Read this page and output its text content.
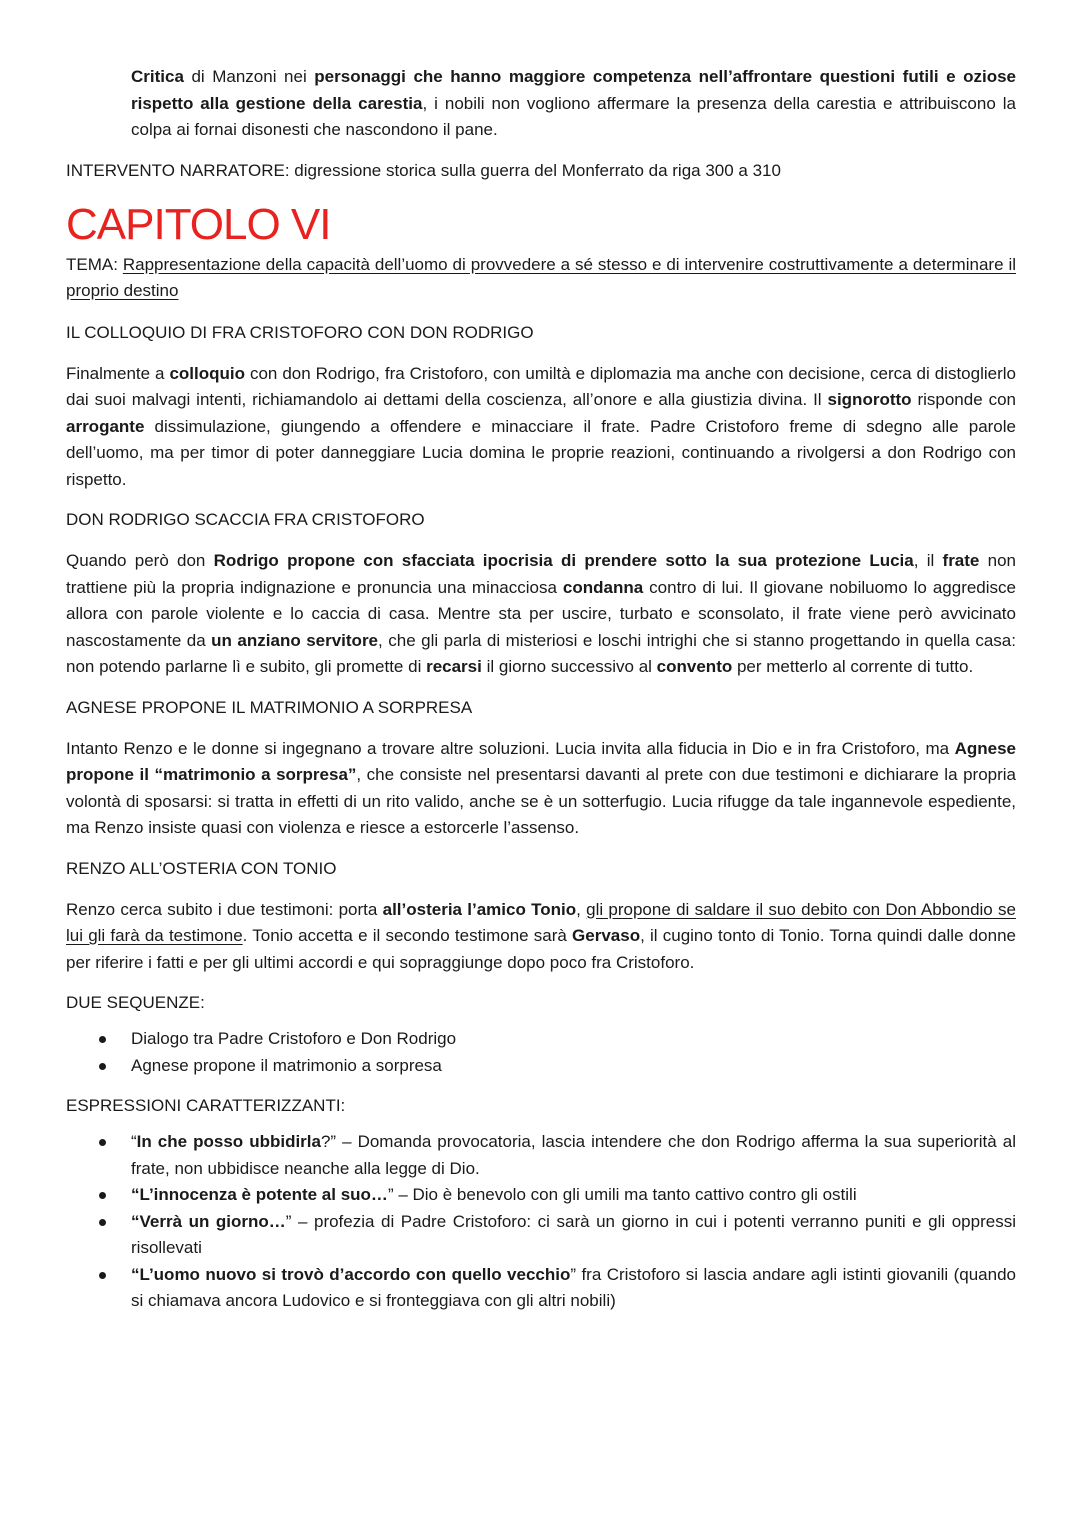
Critica di Manzoni nei personaggi che hanno maggiore competenza nell’affrontare questioni futili e oziose rispetto alla gestione della carestia, i nobili non vogliono affermare la presenza della carestia e attribuiscono la colpa ai fornai disonesti che nascondono il pane.

INTERVENTO NARRATORE: digressione storica sulla guerra del Monferrato da riga 300 a 310

CAPITOLO VI

TEMA: Rappresentazione della capacità dell’uomo di provvedere a sé stesso e di intervenire costruttivamente a determinare il proprio destino

IL COLLOQUIO DI FRA CRISTOFORO CON DON RODRIGO

Finalmente a colloquio con don Rodrigo, fra Cristoforo, con umiltà e diplomazia ma anche con decisione, cerca di distoglierlo dai suoi malvagi intenti, richiamandolo ai dettami della coscienza, all’onore e alla giustizia divina. Il signorotto risponde con arrogante dissimulazione, giungendo a offendere e minacciare il frate. Padre Cristoforo freme di sdegno alle parole dell’uomo, ma per timor di poter danneggiare Lucia domina le proprie reazioni, continuando a rivolgersi a don Rodrigo con rispetto.

DON RODRIGO SCACCIA FRA CRISTOFORO

Quando però don Rodrigo propone con sfacciata ipocrisia di prendere sotto la sua protezione Lucia, il frate non trattiene più la propria indignazione e pronuncia una minacciosa condanna contro di lui. Il giovane nobiluomo lo aggredisce allora con parole violente e lo caccia di casa. Mentre sta per uscire, turbato e sconsolato, il frate viene però avvicinato nascostamente da un anziano servitore, che gli parla di misteriosi e loschi intrighi che si stanno progettando in quella casa: non potendo parlarne lì e subito, gli promette di recarsi il giorno successivo al convento per metterlo al corrente di tutto.

AGNESE PROPONE IL MATRIMONIO A SORPRESA

Intanto Renzo e le donne si ingegnano a trovare altre soluzioni. Lucia invita alla fiducia in Dio e in fra Cristoforo, ma Agnese propone il “matrimonio a sorpresa”, che consiste nel presentarsi davanti al prete con due testimoni e dichiarare la propria volontà di sposarsi: si tratta in effetti di un rito valido, anche se è un sotterfugio. Lucia rifugge da tale ingannevole espediente, ma Renzo insiste quasi con violenza e riesce a estorcerle l’assenso.

RENZO ALL’OSTERIA CON TONIO

Renzo cerca subito i due testimoni: porta all’osteria l’amico Tonio, gli propone di saldare il suo debito con Don Abbondio se lui gli farà da testimone. Tonio accetta e il secondo testimone sarà Gervaso, il cugino tonto di Tonio. Torna quindi dalle donne per riferire i fatti e per gli ultimi accordi e qui sopraggiunge dopo poco fra Cristoforo.

DUE SEQUENZE:

Dialogo tra Padre Cristoforo e Don Rodrigo
Agnese propone il matrimonio a sorpresa

ESPRESSIONI CARATTERIZZANTI:

“In che posso ubbidirla?” – Domanda provocatoria, lascia intendere che don Rodrigo afferma la sua superiorità al frate, non ubbidisce neanche alla legge di Dio.
“L’innocenza è potente al suo…” – Dio è benevolo con gli umili ma tanto cattivo contro gli ostili
“Verrà un giorno…” – profezia di Padre Cristoforo: ci sarà un giorno in cui i potenti verranno puniti e gli oppressi risollevati
“L’uomo nuovo si trovò d’accordo con quello vecchio” fra Cristoforo si lascia andare agli istinti giovanili (quando si chiamava ancora Ludovico e si fronteggiava con gli altri nobili)
